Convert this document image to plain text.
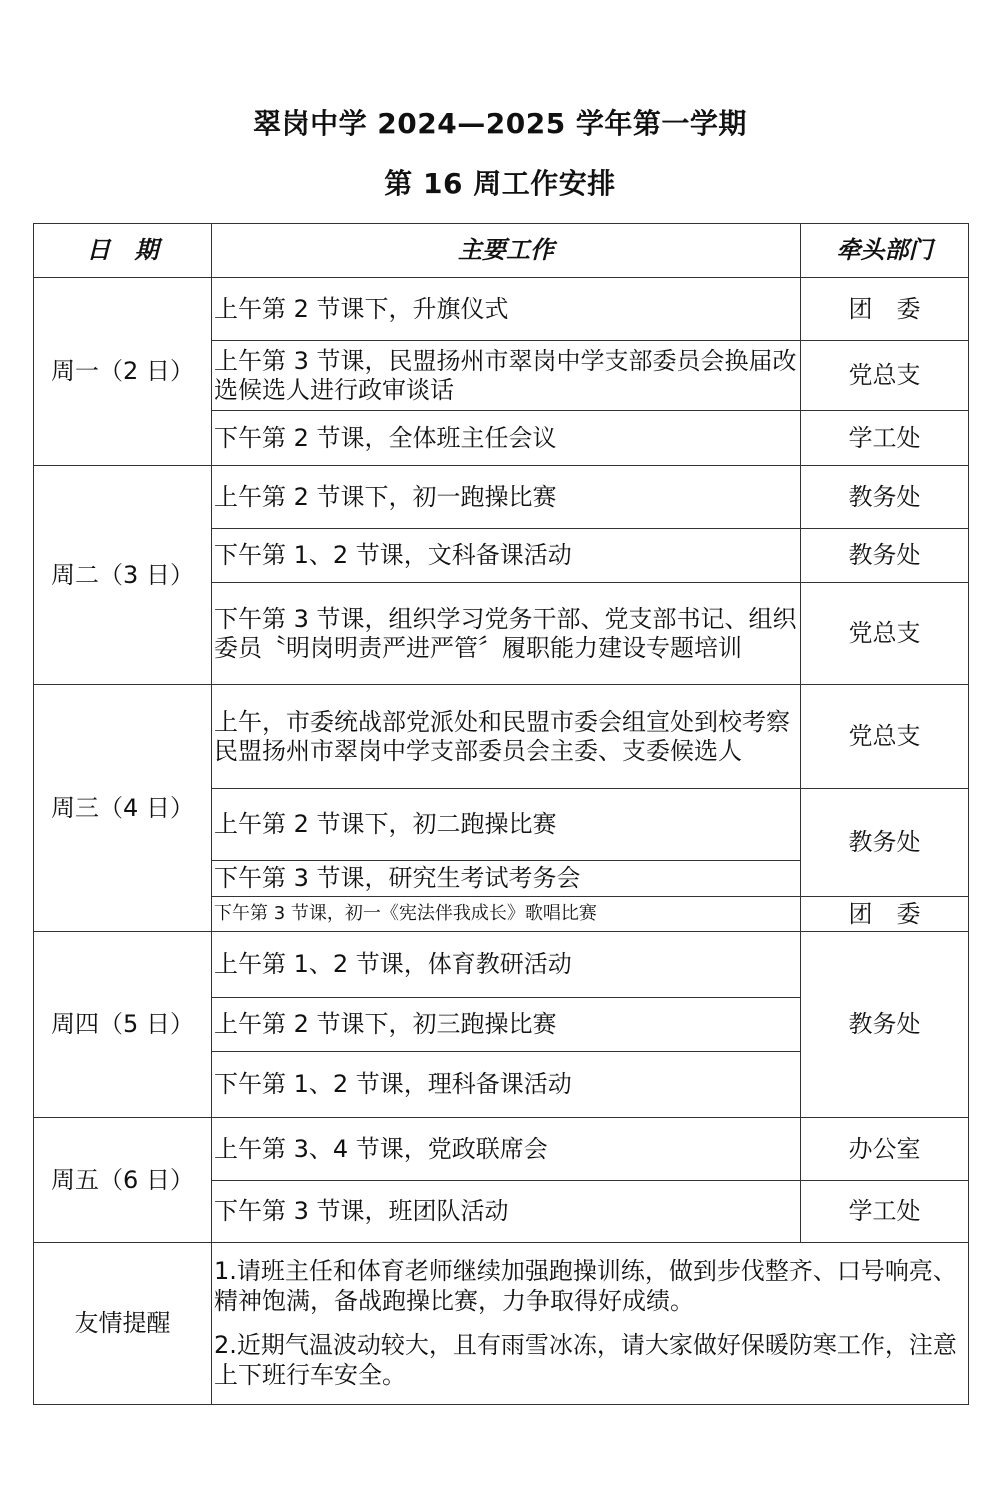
翠岗中学 2024—2025 学年第一学期
第 16 周工作安排
日　期	主要工作	牵头部门
周一（2 日）	上午第 2 节课下，升旗仪式	团　委
	上午第 3 节课，民盟扬州市翠岗中学支部委员会换届改选候选人进行政审谈话	党总支
	下午第 2 节课，全体班主任会议	学工处
周二（3 日）	上午第 2 节课下，初一跑操比赛	教务处
	下午第 1、2 节课，文科备课活动	教务处
	下午第 3 节课，组织学习党务干部、党支部书记、组织委员〝明岗明责严进严管〞履职能力建设专题培训	党总支
周三（4 日）	上午，市委统战部党派处和民盟市委会组宣处到校考察民盟扬州市翠岗中学支部委员会主委、支委候选人	党总支
	上午第 2 节课下，初二跑操比赛	教务处
	下午第 3 节课，研究生考试考务会	
	下午第 3 节课，初一《宪法伴我成长》歌唱比赛	团　委
周四（5 日）	上午第 1、2 节课，体育教研活动	教务处
	上午第 2 节课下，初三跑操比赛	
	下午第 1、2 节课，理科备课活动	
周五（6 日）	上午第 3、4 节课，党政联席会	办公室
	下午第 3 节课，班团队活动	学工处
友情提醒	1.请班主任和体育老师继续加强跑操训练，做到步伐整齐、口号响亮、精神饱满，备战跑操比赛，力争取得好成绩。

2.近期气温波动较大，且有雨雪冰冻，请大家做好保暖防寒工作，注意上下班行车安全。	
